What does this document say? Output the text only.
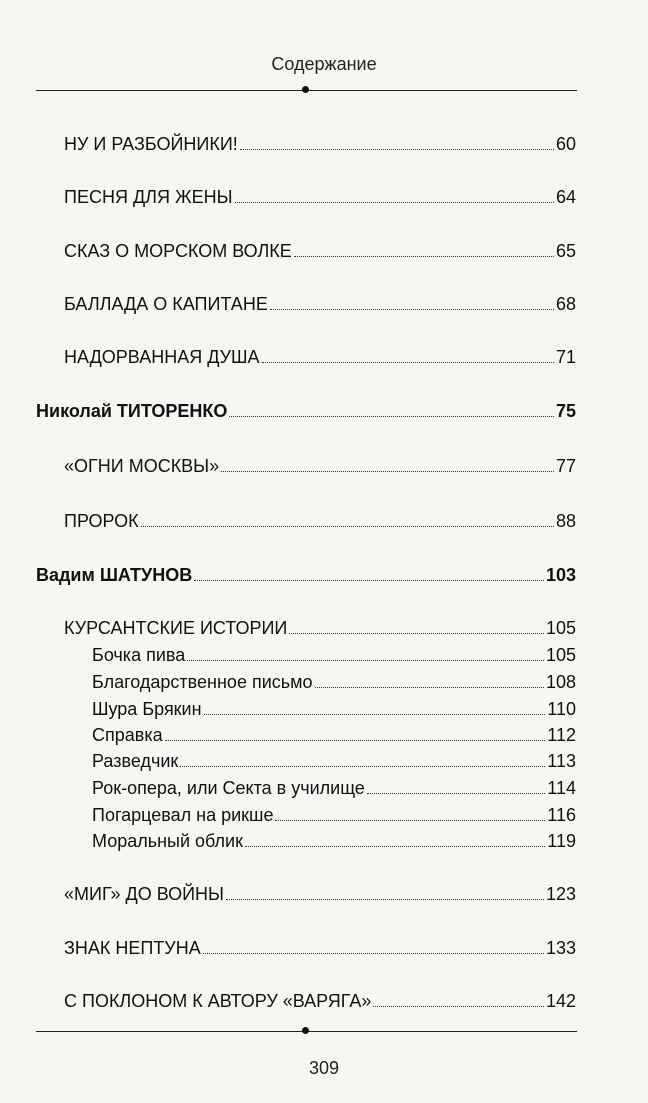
Содержание
НУ И РАЗБОЙНИКИ!	60
ПЕСНЯ ДЛЯ ЖЕНЫ	64
СКАЗ О МОРСКОМ ВОЛКЕ	65
БАЛЛАДА О КАПИТАНЕ	68
НАДОРВАННАЯ ДУША	71
Николай ТИТОРЕНКО	75
«ОГНИ МОСКВЫ»	77
ПРОРОК	88
Вадим ШАТУНОВ	103
КУРСАНТСКИЕ ИСТОРИИ	105
Бочка пива	105
Благодарственное письмо	108
Шура Брякин	110
Справка	112
Разведчик	113
Рок-опера, или Секта в училище	114
Погарцевал на рикше	116
Моральный облик	119
«МИГ» ДО ВОЙНЫ	123
ЗНАК НЕПТУНА	133
С ПОКЛОНОМ К АВТОРУ «ВАРЯГА»	142
309
